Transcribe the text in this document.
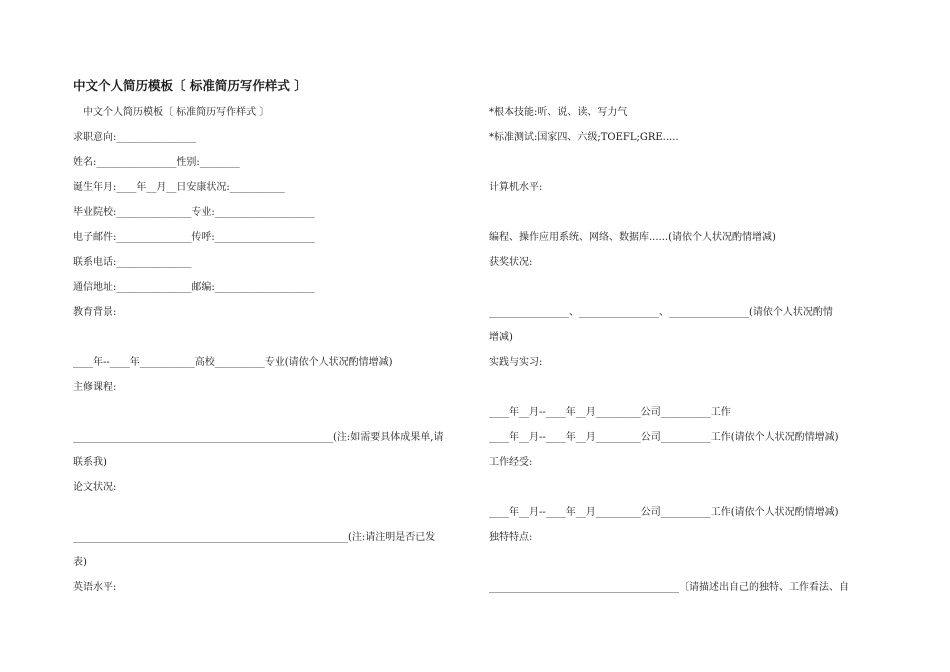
中文个人简历模板〔 标准简历写作样式 〕
中文个人简历模板〔 标准简历写作样式 〕
求职意向:________________
姓名:________________性别:________
诞生年月:____年__月__日安康状况:___________
毕业院校:_______________专业:____________________
电子邮件:_______________传呼:____________________
联系电话:_______________
通信地址:_______________邮编:____________________
教育背景:
____年--____年___________高校__________专业(请依个人状况酌情增减)
主修课程:
____________________________________________________(注:如需要具体成果单,请
联系我)
论文状况:
_______________________________________________________(注:请注明是否已发
表)
英语水平:
*根本技能:听、说、读、写力气
*标准测试:国家四、六级;TOEFL;GRE.....
计算机水平:
编程、操作应用系统、网络、数据库......(请依个人状况酌情增减)
获奖状况:
________________、________________、________________(请依个人状况酌情
增减)
实践与实习:
____年__月--____年__月_________公司__________工作
____年__月--____年__月_________公司__________工作(请依个人状况酌情增减)
工作经受:
____年__月--____年__月_________公司__________工作(请依个人状况酌情增减)
独特特点:
______________________________________〔请描述出自己的独特、工作看法、自
